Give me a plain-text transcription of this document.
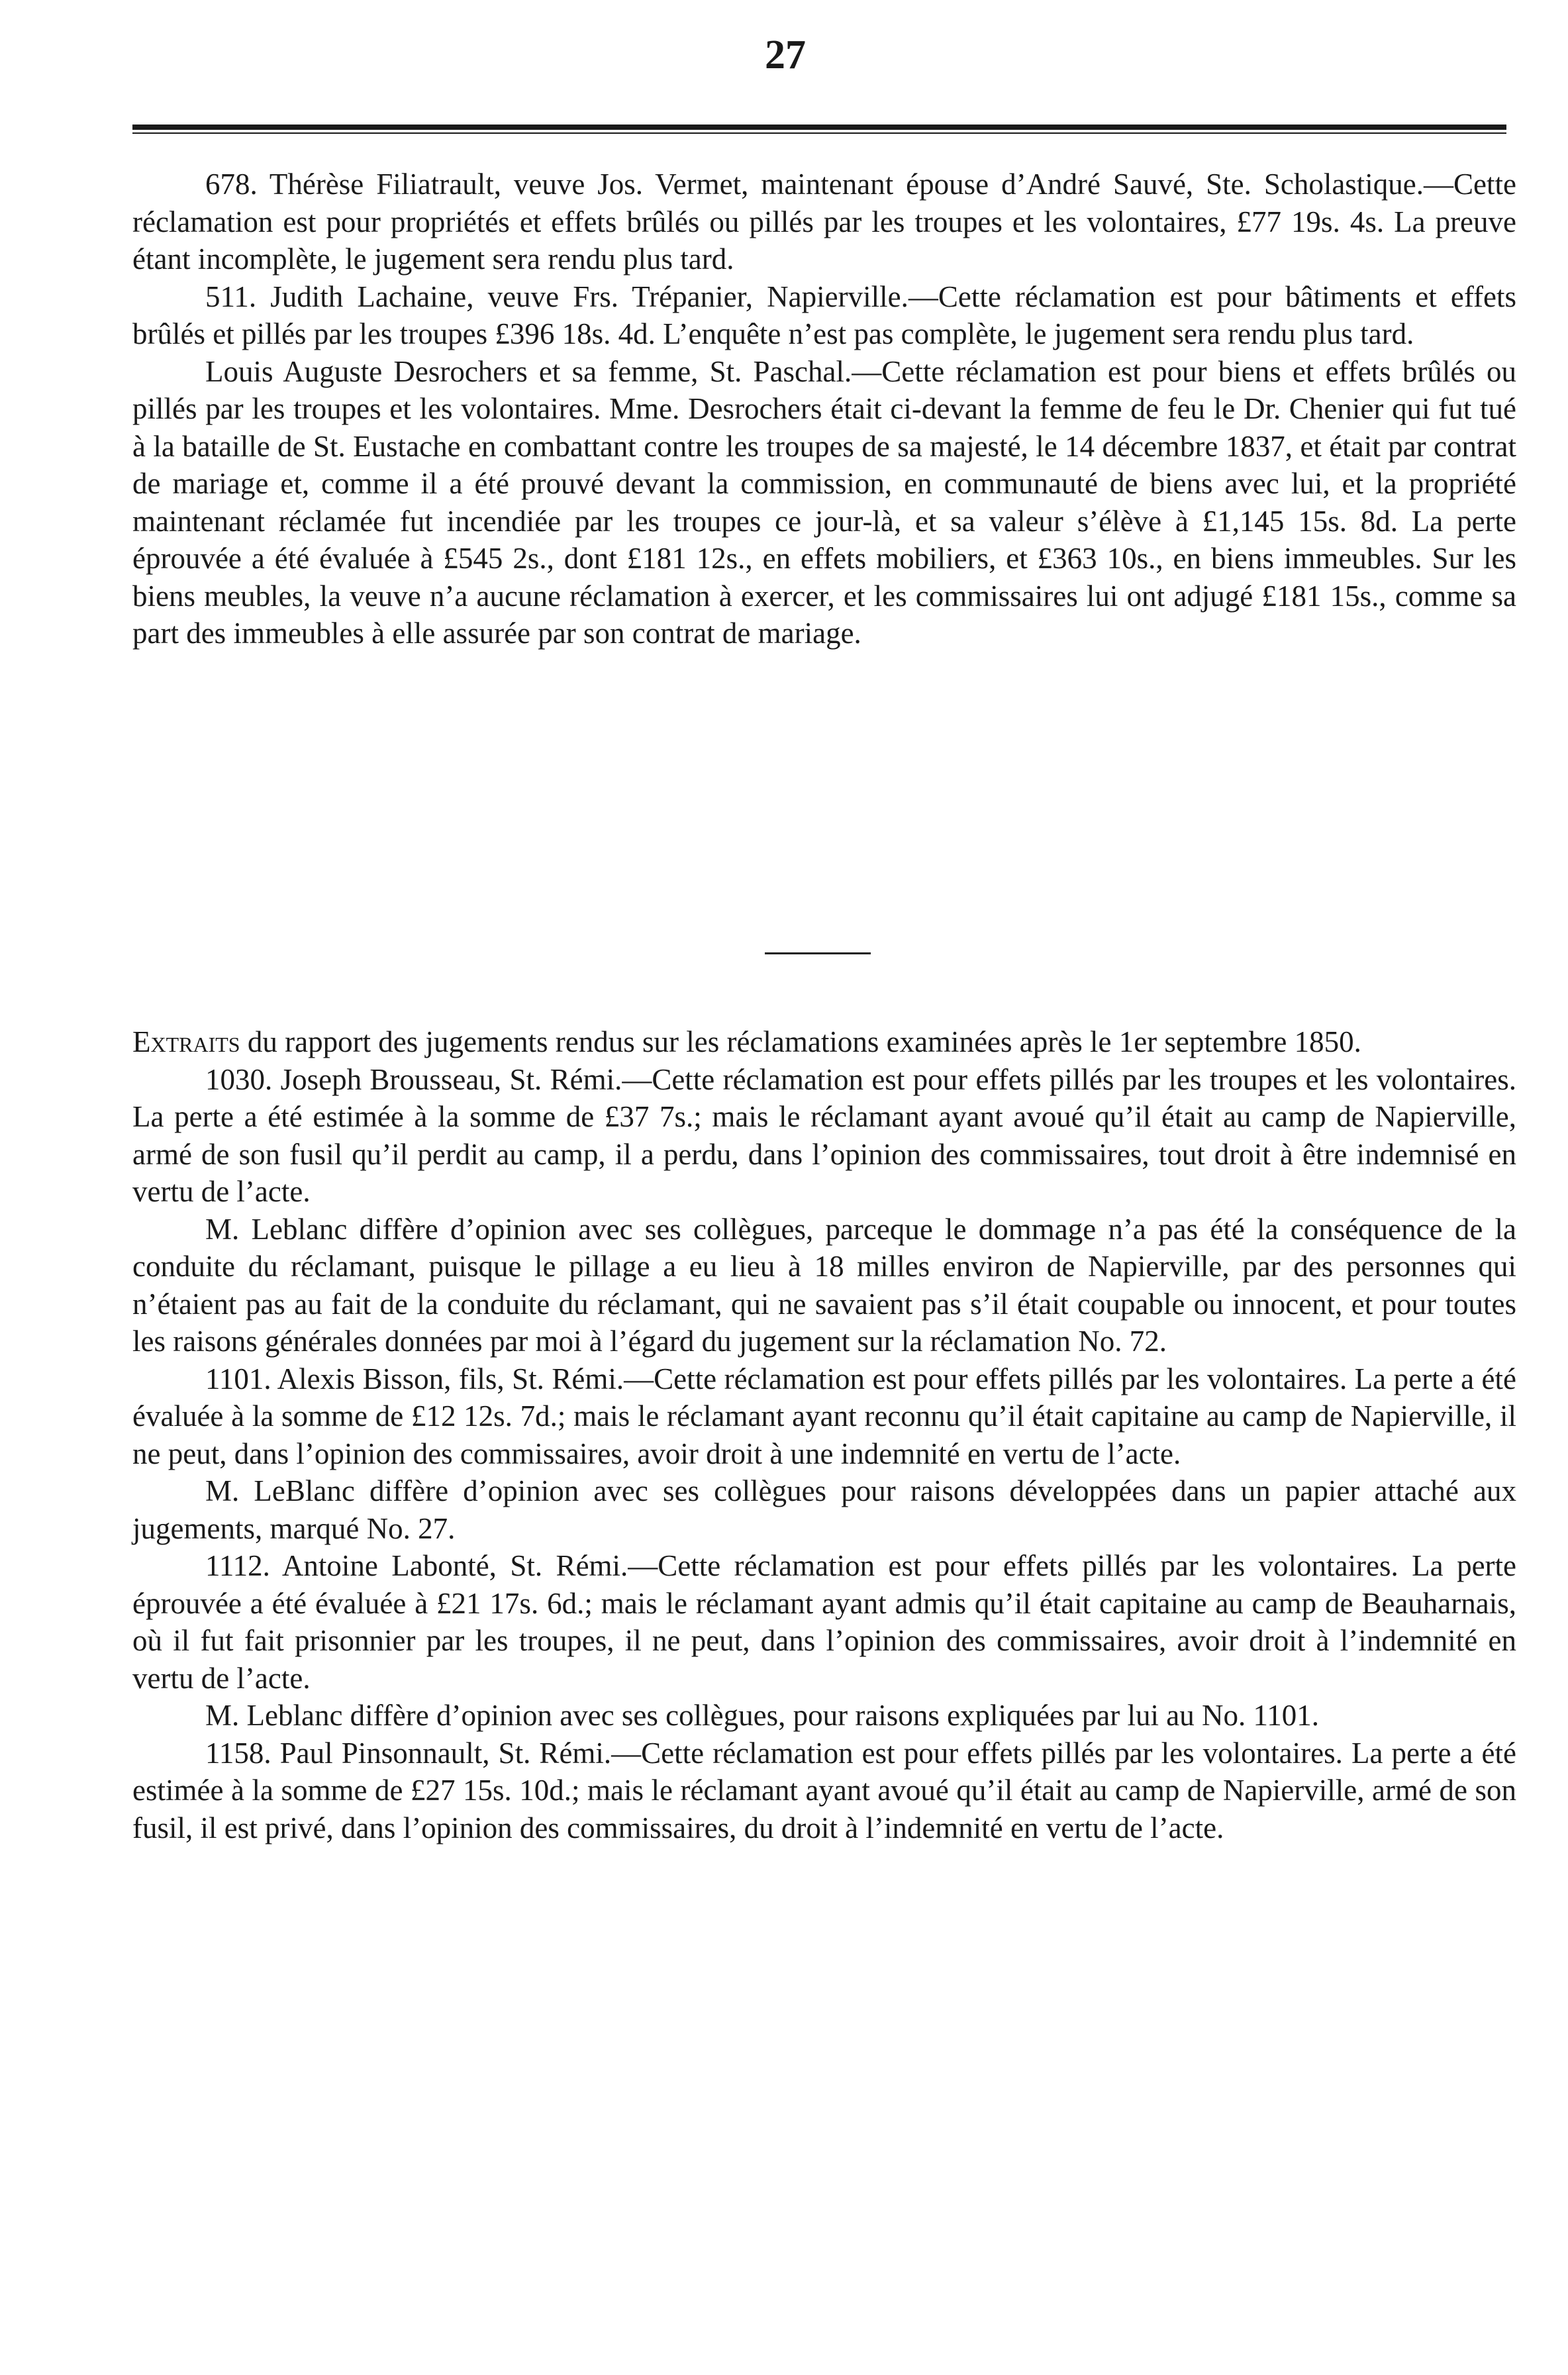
27

678. Thérèse Filiatrault, veuve Jos. Vermet, maintenant épouse d’André Sauvé, Ste. Scholastique.—Cette réclamation est pour propriétés et effets brûlés ou pillés par les troupes et les volontaires, £77 19s. 4s. La preuve étant incomplète, le jugement sera rendu plus tard.

511. Judith Lachaine, veuve Frs. Trépanier, Napierville.—Cette réclamation est pour bâtiments et effets brûlés et pillés par les troupes £396 18s. 4d. L’enquête n’est pas complète, le jugement sera rendu plus tard.

Louis Auguste Desrochers et sa femme, St. Paschal.—Cette réclamation est pour biens et effets brûlés ou pillés par les troupes et les volontaires. Mme. Desrochers était ci-devant la femme de feu le Dr. Chenier qui fut tué à la bataille de St. Eustache en combattant contre les troupes de sa majesté, le 14 décembre 1837, et était par contrat de mariage et, comme il a été prouvé devant la commission, en communauté de biens avec lui, et la propriété maintenant réclamée fut incendiée par les troupes ce jour-là, et sa valeur s’élève à £1,145 15s. 8d. La perte éprouvée a été évaluée à £545 2s., dont £181 12s., en effets mobiliers, et £363 10s., en biens immeubles. Sur les biens meubles, la veuve n’a aucune réclamation à exercer, et les commissaires lui ont adjugé £181 15s., comme sa part des immeubles à elle assurée par son contrat de mariage.

Extraits du rapport des jugements rendus sur les réclamations examinées après le 1er septembre 1850.

1030. Joseph Brousseau, St. Rémi.—Cette réclamation est pour effets pillés par les troupes et les volontaires. La perte a été estimée à la somme de £37 7s.; mais le réclamant ayant avoué qu’il était au camp de Napierville, armé de son fusil qu’il perdit au camp, il a perdu, dans l’opinion des commissaires, tout droit à être indemnisé en vertu de l’acte.

M. Leblanc diffère d’opinion avec ses collègues, parceque le dommage n’a pas été la conséquence de la conduite du réclamant, puisque le pillage a eu lieu à 18 milles environ de Napierville, par des personnes qui n’étaient pas au fait de la conduite du réclamant, qui ne savaient pas s’il était coupable ou innocent, et pour toutes les raisons générales données par moi à l’égard du jugement sur la réclamation No. 72.

1101. Alexis Bisson, fils, St. Rémi.—Cette réclamation est pour effets pillés par les volontaires. La perte a été évaluée à la somme de £12 12s. 7d.; mais le réclamant ayant reconnu qu’il était capitaine au camp de Napierville, il ne peut, dans l’opinion des commissaires, avoir droit à une indemnité en vertu de l’acte.

M. LeBlanc diffère d’opinion avec ses collègues pour raisons développées dans un papier attaché aux jugements, marqué No. 27.

1112. Antoine Labonté, St. Rémi.—Cette réclamation est pour effets pillés par les volontaires. La perte éprouvée a été évaluée à £21 17s. 6d.; mais le réclamant ayant admis qu’il était capitaine au camp de Beauharnais, où il fut fait prisonnier par les troupes, il ne peut, dans l’opinion des commissaires, avoir droit à l’indemnité en vertu de l’acte.

M. Leblanc diffère d’opinion avec ses collègues, pour raisons expliquées par lui au No. 1101.

1158. Paul Pinsonnault, St. Rémi.—Cette réclamation est pour effets pillés par les volontaires. La perte a été estimée à la somme de £27 15s. 10d.; mais le réclamant ayant avoué qu’il était au camp de Napierville, armé de son fusil, il est privé, dans l’opinion des commissaires, du droit à l’indemnité en vertu de l’acte.
